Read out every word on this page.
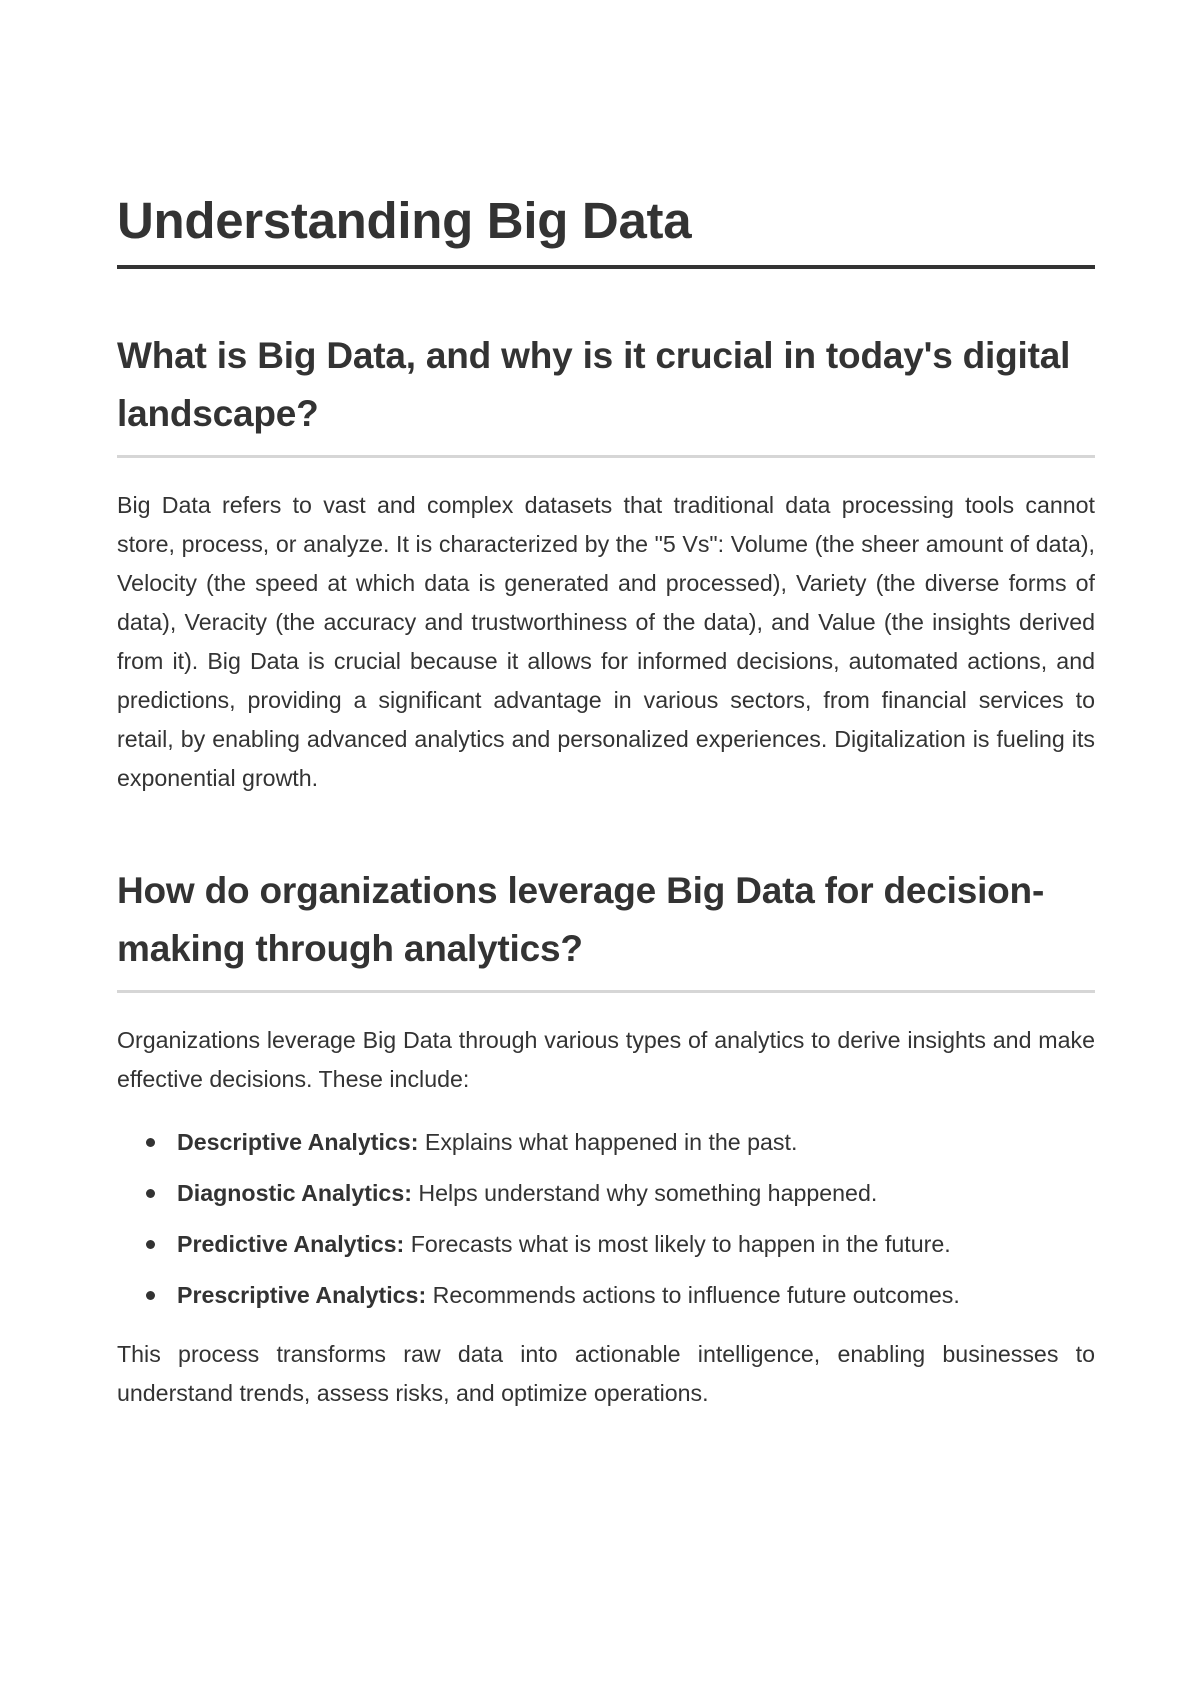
Understanding Big Data
What is Big Data, and why is it crucial in today's digital landscape?

Big Data refers to vast and complex datasets that traditional data processing tools cannot store, process, or analyze. It is characterized by the "5 Vs": Volume (the sheer amount of data), Velocity (the speed at which data is generated and processed), Variety (the diverse forms of data), Veracity (the accuracy and trustworthiness of the data), and Value (the insights derived from it). Big Data is crucial because it allows for informed decisions, automated actions, and predictions, providing a significant advantage in various sectors, from financial services to retail, by enabling advanced analytics and personalized experiences. Digitalization is fueling its exponential growth.

How do organizations leverage Big Data for decision-making through analytics?

Organizations leverage Big Data through various types of analytics to derive insights and make effective decisions. These include:

Descriptive Analytics: Explains what happened in the past.
Diagnostic Analytics: Helps understand why something happened.
Predictive Analytics: Forecasts what is most likely to happen in the future.
Prescriptive Analytics: Recommends actions to influence future outcomes.

This process transforms raw data into actionable intelligence, enabling businesses to understand trends, assess risks, and optimize operations.
